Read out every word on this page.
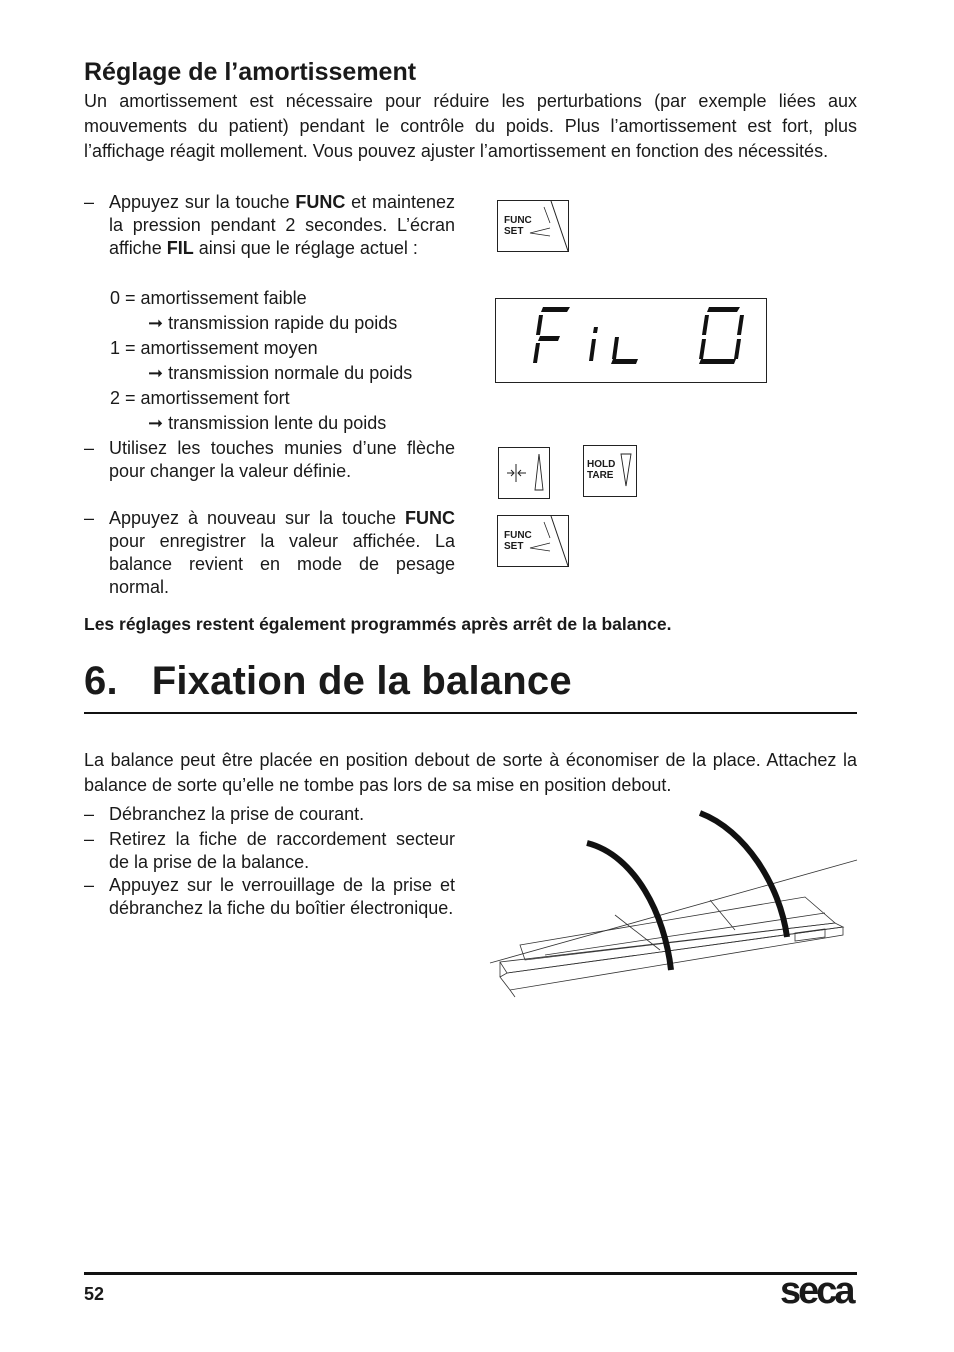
Réglage de l’amortissement

Un amortissement est nécessaire pour réduire les perturbations (par exemple liées aux mouvements du patient) pendant le contrôle du poids. Plus l’amortissement est fort, plus l’affichage réagit mollement. Vous pouvez ajuster l’amortissement en fonction des nécessités.

– Appuyez sur la touche FUNC et maintenez la pression pendant 2 secondes. L’écran affiche FIL ainsi que le réglage actuel :
0 = amortissement faible
➞ transmission rapide du poids
1 = amortissement moyen
➞ transmission normale du poids
2 = amortissement fort
➞ transmission lente du poids
– Utilisez les touches munies d’une flèche pour changer la valeur définie.
– Appuyez à nouveau sur la touche FUNC pour enregistrer la valeur affichée. La balance revient en mode de pesage normal.

Les réglages restent également programmés après arrêt de la balance.

FUNC
SET
FIL 0
HOLD
TARE
FUNC
SET
6.   Fixation de la balance

La balance peut être placée en position debout de sorte à économiser de la place. Attachez la balance de sorte qu’elle ne tombe pas lors de sa mise en position debout.

– Débranchez la prise de courant.
– Retirez la fiche de raccordement secteur de la prise de la balance.
– Appuyez sur le verrouillage de la prise et débranchez la fiche du boîtier électronique.
52	seca
